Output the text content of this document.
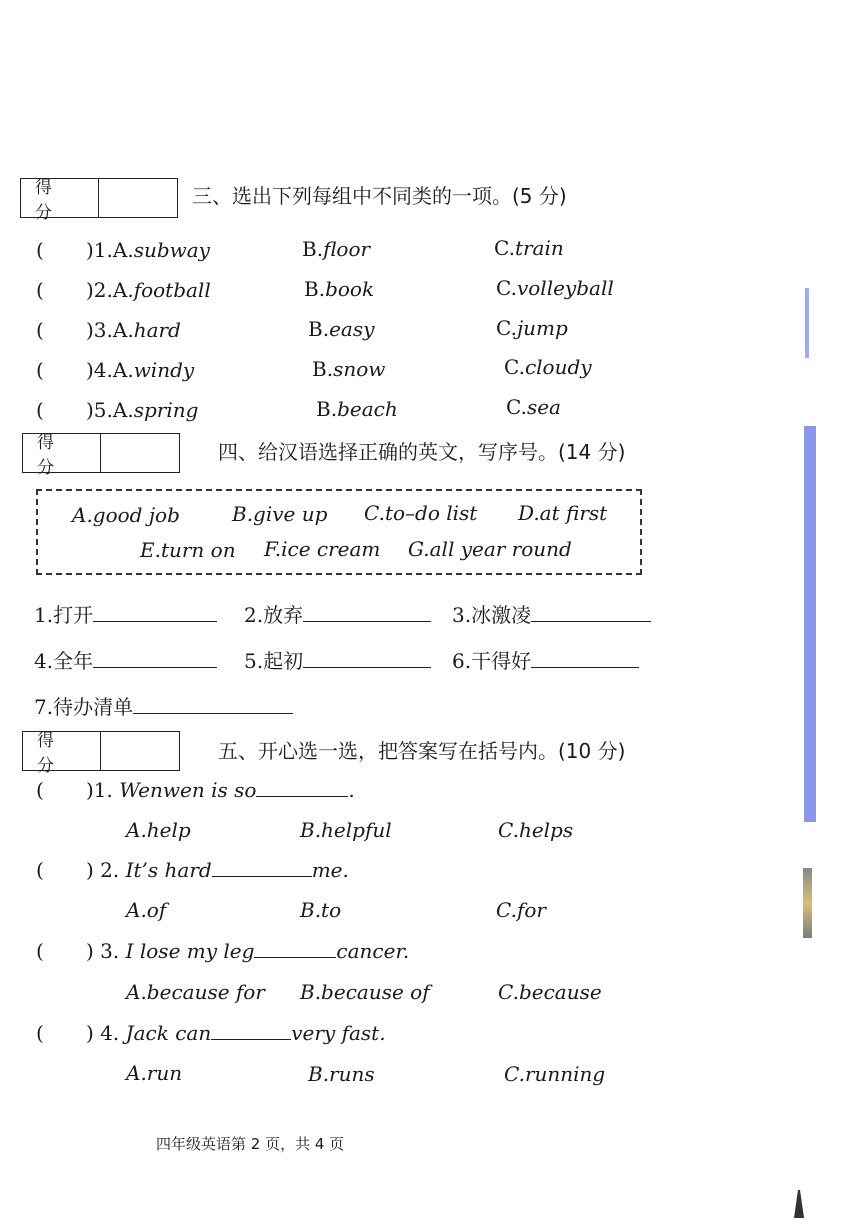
得 分
三、选出下列每组中不同类的一项。(5 分)
( )1.A.subway	B.floor	C.train
( )2.A.football	B.book	C.volleyball
( )3.A.hard	B.easy	C.jump
( )4.A.windy	B.snow	C.cloudy
( )5.A.spring	B.beach	C.sea
得 分
四、给汉语选择正确的英文，写序号。(14 分)
A.good job	B.give up C.to–do list D.at first
E.turn on F.ice cream G.all year round
1.打开	2.放弃	3.冰激凌
4.全年	5.起初	6.干得好
7.待办清单
得 分
五、开心选一选，把答案写在括号内。(10 分)
( )1. Wenwen is so	.
A.help	B.helpful	C.helps
( ) 2. It’s hard	me.
A.of	B.to	C.for
( ) 3. I lose my leg	cancer.
A.because for B.because of	C.because
( ) 4. Jack can	very fast.
A.run	B.runs	C.running
四年级英语第 2 页，共 4 页
